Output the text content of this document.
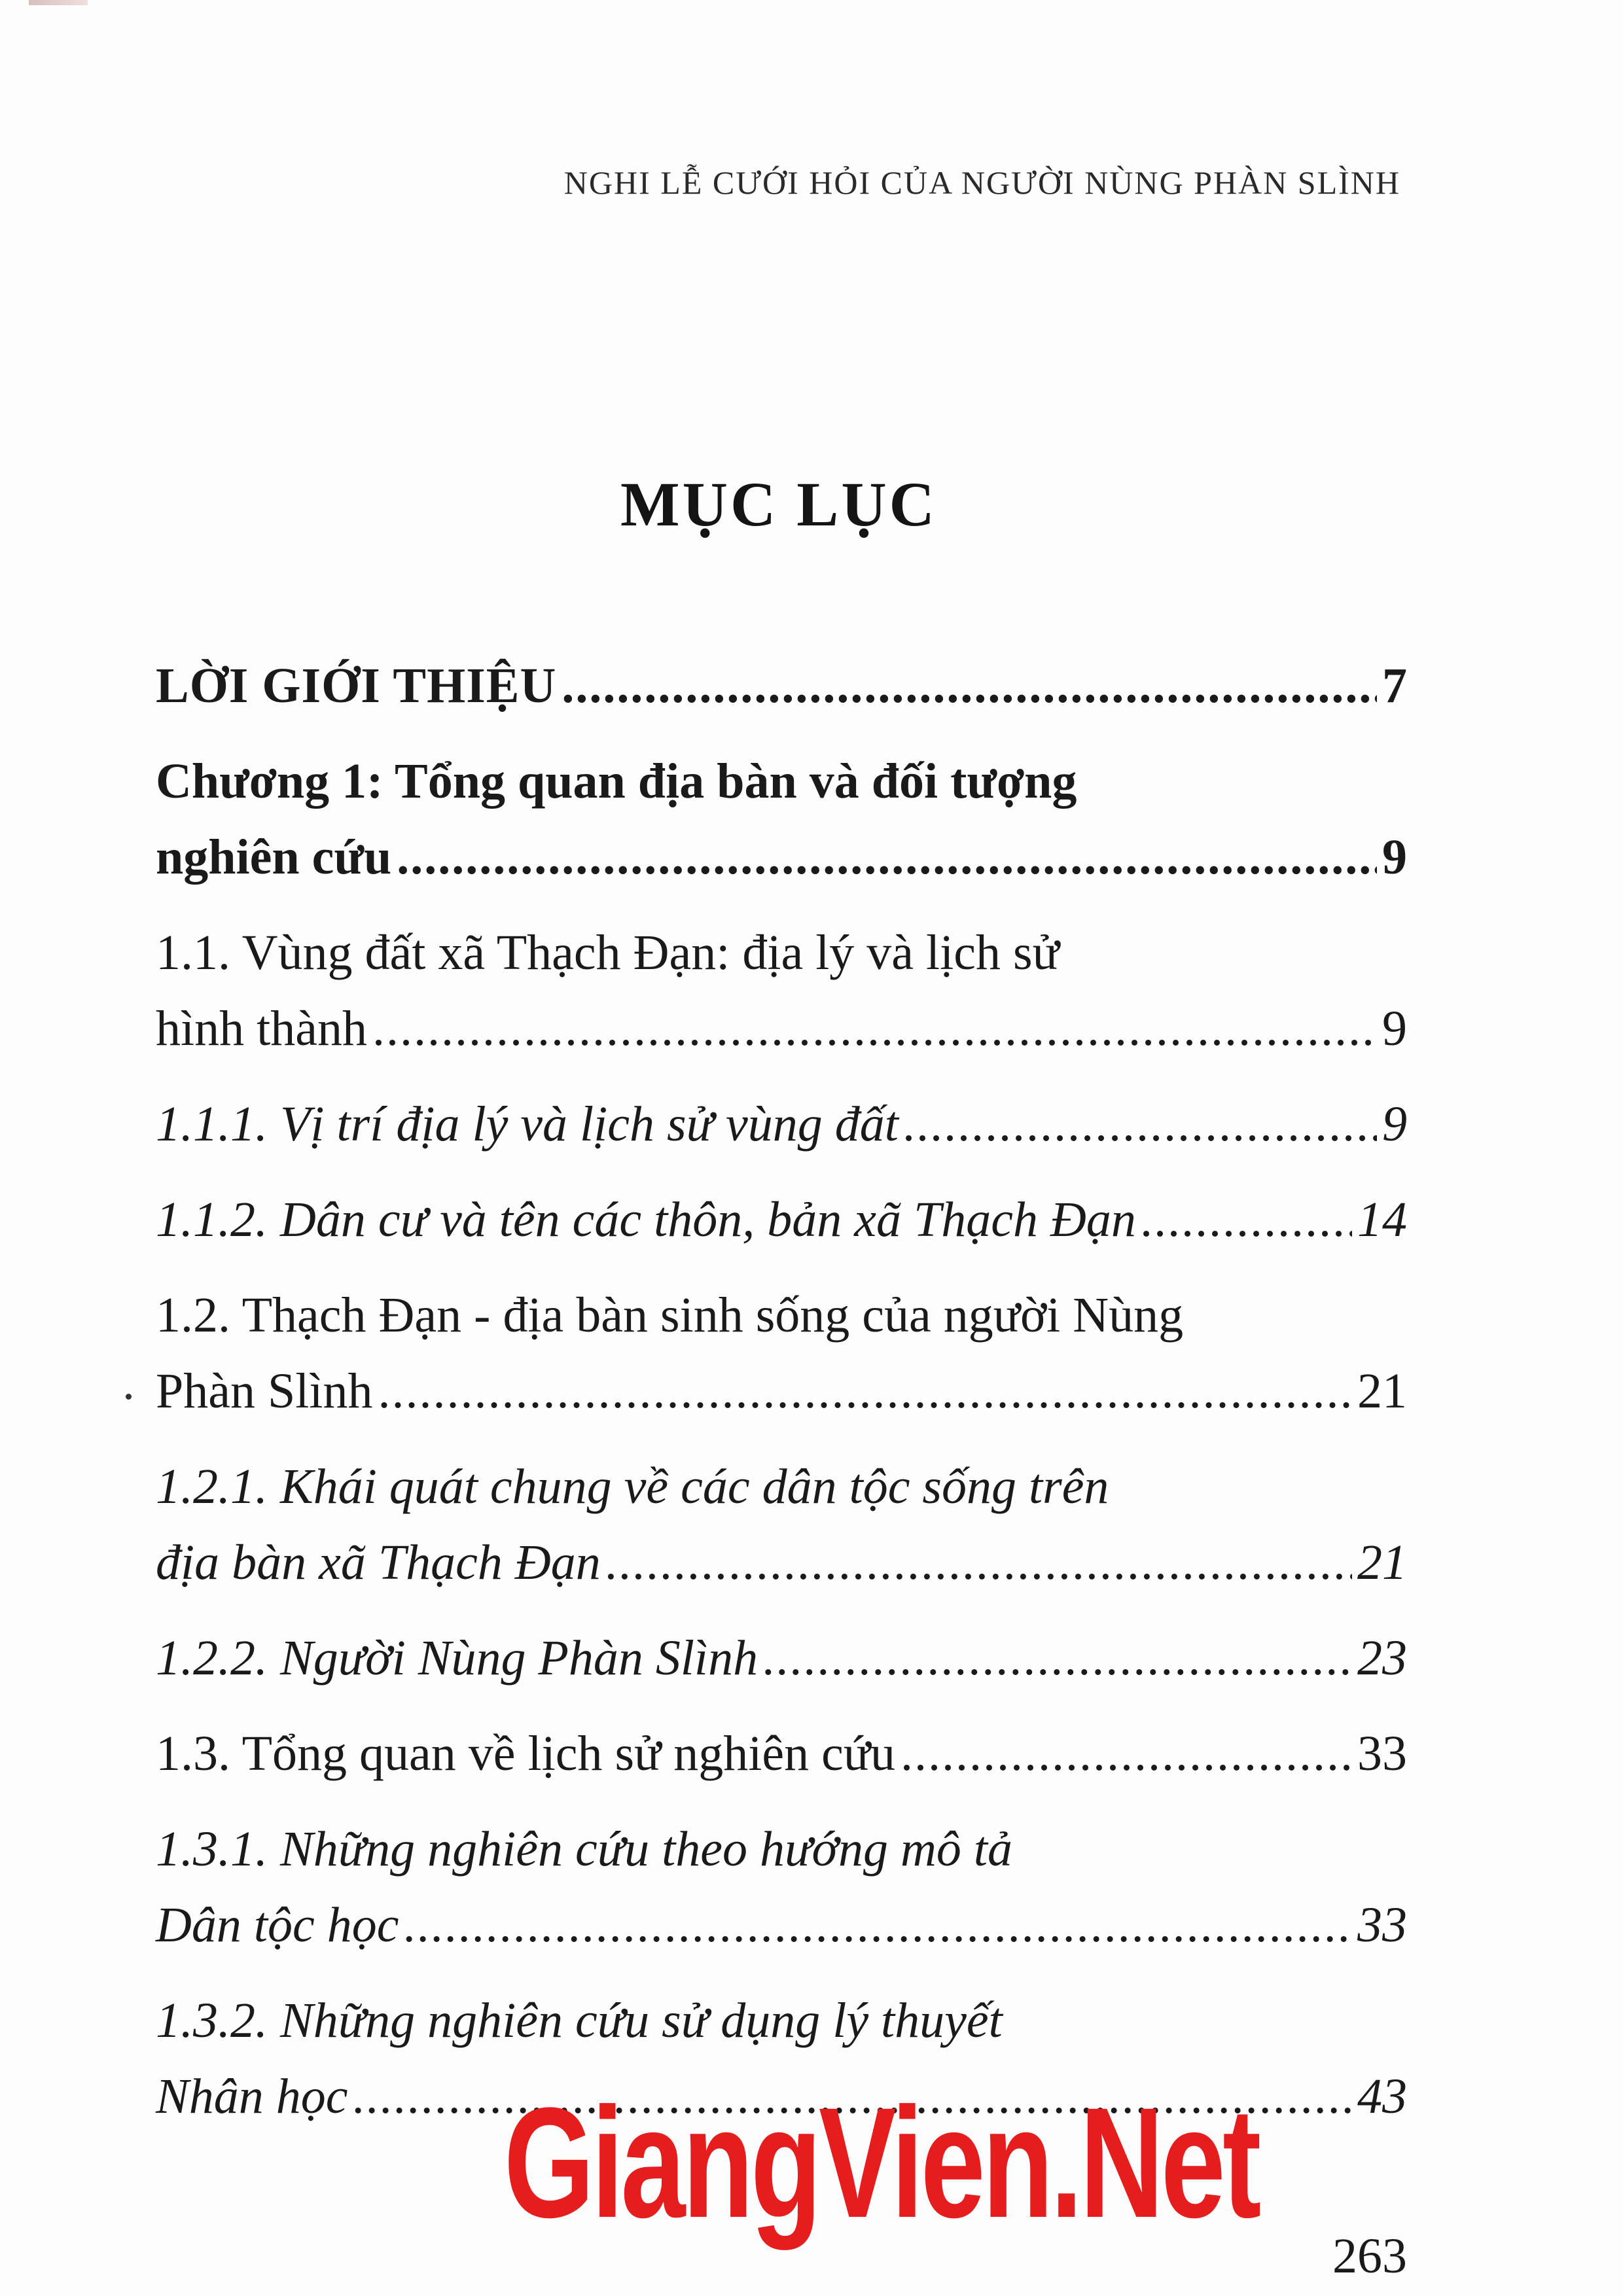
NGHI LỄ CƯỚI HỎI CỦA NGƯỜI NÙNG PHÀN SLÌNH
MỤC LỤC
LỜI GIỚI THIỆU .....	7
Chương 1: Tổng quan địa bàn và đối tượng
nghiên cứu .....	9
1.1. Vùng đất xã Thạch Đạn: địa lý và lịch sử
hình thành .....	9
1.1.1. Vị trí địa lý và lịch sử vùng đất .....	9
1.1.2. Dân cư và tên các thôn, bản xã Thạch Đạn .....	14
1.2. Thạch Đạn - địa bàn sinh sống của người Nùng
Phàn Slình .....	21
1.2.1. Khái quát chung về các dân tộc sống trên
địa bàn xã Thạch Đạn .....	21
1.2.2. Người Nùng Phàn Slình .....	23
1.3. Tổng quan về lịch sử nghiên cứu .....	33
1.3.1. Những nghiên cứu theo hướng mô tả
Dân tộc học .....	33
1.3.2. Những nghiên cứu sử dụng lý thuyết
Nhân học .....	43
GiangVien.Net
263
